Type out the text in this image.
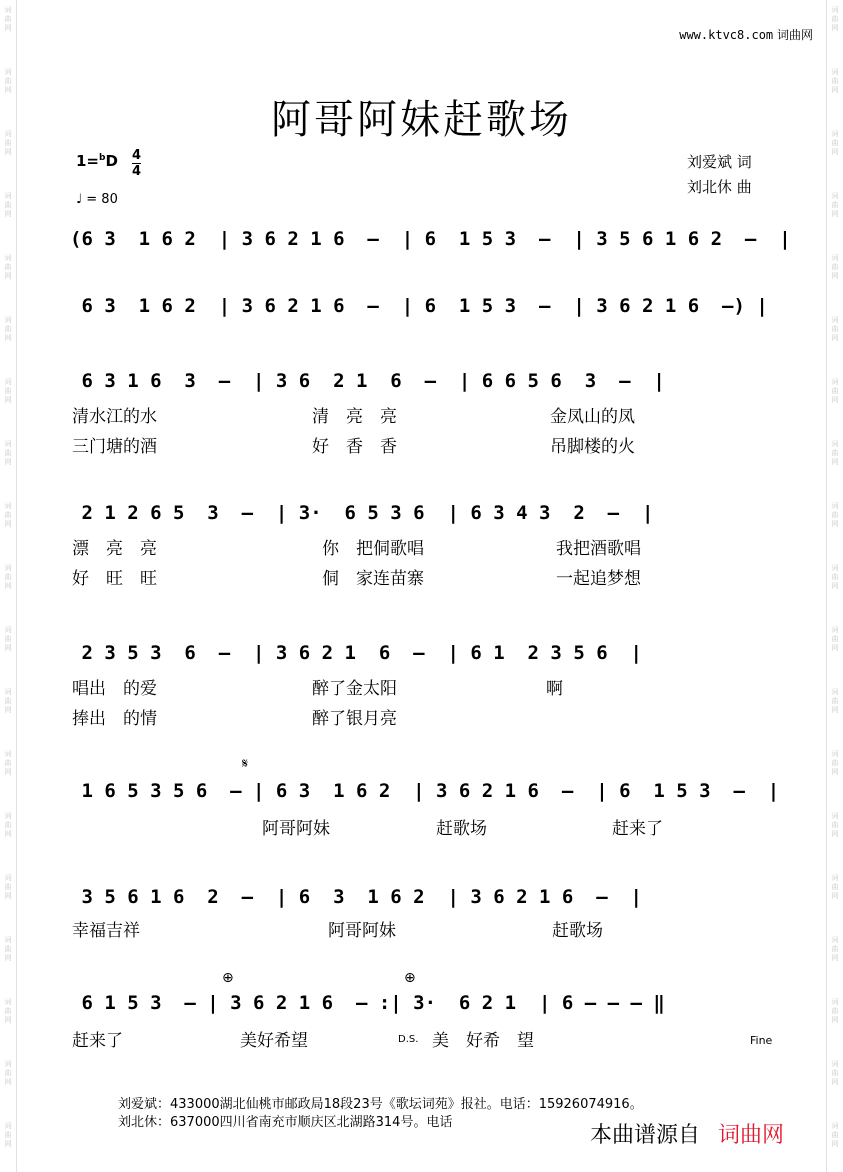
词
曲
网
词
曲
网
词
曲
网
词
曲
网
词
曲
网
词
曲
网
词
曲
网
词
曲
网
词
曲
网
词
曲
网
词
曲
网
词
曲
网
词
曲
网
词
曲
网
词
曲
网
词
曲
网
词
曲
网
词
曲
网
词
曲
网
词
曲
网
词
曲
网
词
曲
网
词
曲
网
词
曲
网
词
曲
网
词
曲
网
词
曲
网
词
曲
网
词
曲
网
词
曲
网
词
曲
网
词
曲
网
词
曲
网
词
曲
网
词
曲
网
词
曲
网
词
曲
网
词
曲
网
www.ktvc8.com 词曲网
阿哥阿妹赶歌场
1=$^b$D 4
4
♩ = 80
刘爱斌 词
刘北休 曲
(6 3  1 6 2  | 3 6 2 1 6  —  | 6  1 5 3  —  | 3 5 6 1 6 2  —  |
6 3  1 6 2  | 3 6 2 1 6  —  | 6  1 5 3  —  | 3 6 2 1 6  —) |
6 3 1 6  3  —  | 3 6  2 1  6  —  | 6 6 5 6  3  —  |
清水江的水	清　亮　亮	金凤山的凤
三门塘的酒	好　香　香	吊脚楼的火
2 1 2 6 5  3  —  | 3·  6 5 3 6  | 6 3 4 3  2  —  |
漂　亮　亮	你　把侗歌唱	我把酒歌唱
好　旺　旺	侗　家连苗寨	一起追梦想
2 3 5 3  6  —  | 3 6 2 1  6  —  | 6 1  2 3 5 6  |
唱出　的爱	醉了金太阳	啊
捧出　的情	醉了银月亮
𝄋
1 6 5 3 5 6  — | 6 3  1 6 2  | 3 6 2 1 6  —  | 6  1 5 3  —  |
阿哥阿妹	赶歌场	赶来了
3 5 6 1 6  2  —  | 6  3  1 6 2  | 3 6 2 1 6  —  |
幸福吉祥	阿哥阿妹	赶歌场
⊕	⊕
6 1 5 3  — | 3 6 2 1 6  — :| 3·  6 2 1  | 6 — — — ‖
赶来了	美好希望	D.S. 美　好希　望	Fine
刘爱斌：433000湖北仙桃市邮政局18段23号《歌坛词苑》报社。电话：15926074916。
刘北休：637000四川省南充市顺庆区北湖路314号。电话
本曲谱源自 词曲网
